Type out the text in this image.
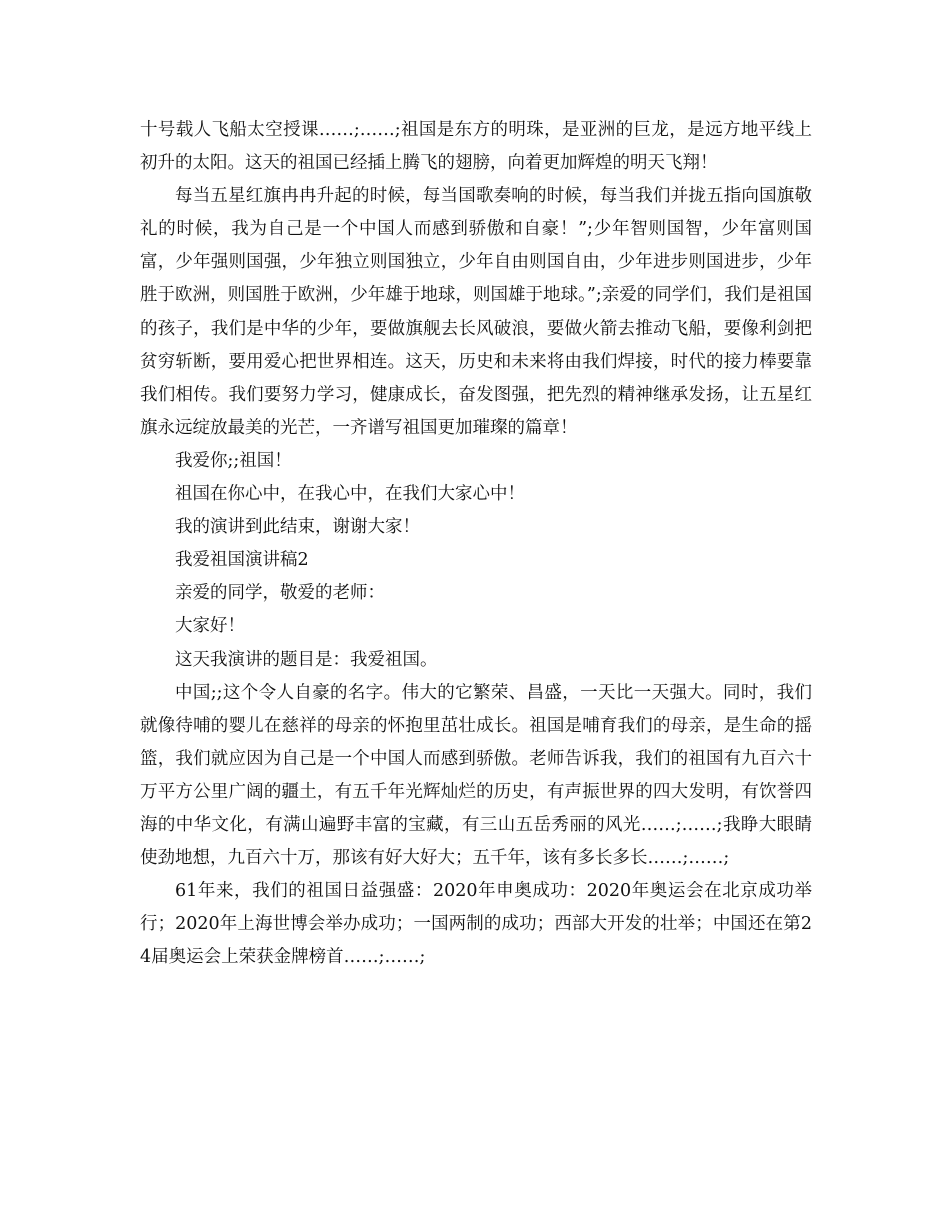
十号载人飞船太空授课……;……;祖国是东方的明珠，是亚洲的巨龙，是远方地平线上初升的太阳。这天的祖国已经插上腾飞的翅膀，向着更加辉煌的明天飞翔！

每当五星红旗冉冉升起的时候，每当国歌奏响的时候，每当我们并拢五指向国旗敬礼的时候，我为自己是一个中国人而感到骄傲和自豪！”;少年智则国智，少年富则国富，少年强则国强，少年独立则国独立，少年自由则国自由，少年进步则国进步，少年胜于欧洲，则国胜于欧洲，少年雄于地球，则国雄于地球。”;亲爱的同学们，我们是祖国的孩子，我们是中华的少年，要做旗舰去长风破浪，要做火箭去推动飞船，要像利剑把贫穷斩断，要用爱心把世界相连。这天，历史和未来将由我们焊接，时代的接力棒要靠我们相传。我们要努力学习，健康成长，奋发图强，把先烈的精神继承发扬，让五星红旗永远绽放最美的光芒，一齐谱写祖国更加璀璨的篇章！

我爱你;;祖国！

祖国在你心中，在我心中，在我们大家心中！

我的演讲到此结束，谢谢大家！

我爱祖国演讲稿2

亲爱的同学，敬爱的老师：

大家好！

这天我演讲的题目是：我爱祖国。

中国;;这个令人自豪的名字。伟大的它繁荣、昌盛，一天比一天强大。同时，我们就像待哺的婴儿在慈祥的母亲的怀抱里茁壮成长。祖国是哺育我们的母亲，是生命的摇篮，我们就应因为自己是一个中国人而感到骄傲。老师告诉我，我们的祖国有九百六十万平方公里广阔的疆土，有五千年光辉灿烂的历史，有声振世界的四大发明，有饮誉四海的中华文化，有满山遍野丰富的宝藏，有三山五岳秀丽的风光……;……;我睁大眼睛使劲地想，九百六十万，那该有好大好大；五千年，该有多长多长……;……;

61年来，我们的祖国日益强盛：2020年申奥成功：2020年奥运会在北京成功举行；2020年上海世博会举办成功；一国两制的成功；西部大开发的壮举；中国还在第24届奥运会上荣获金牌榜首……;……;
